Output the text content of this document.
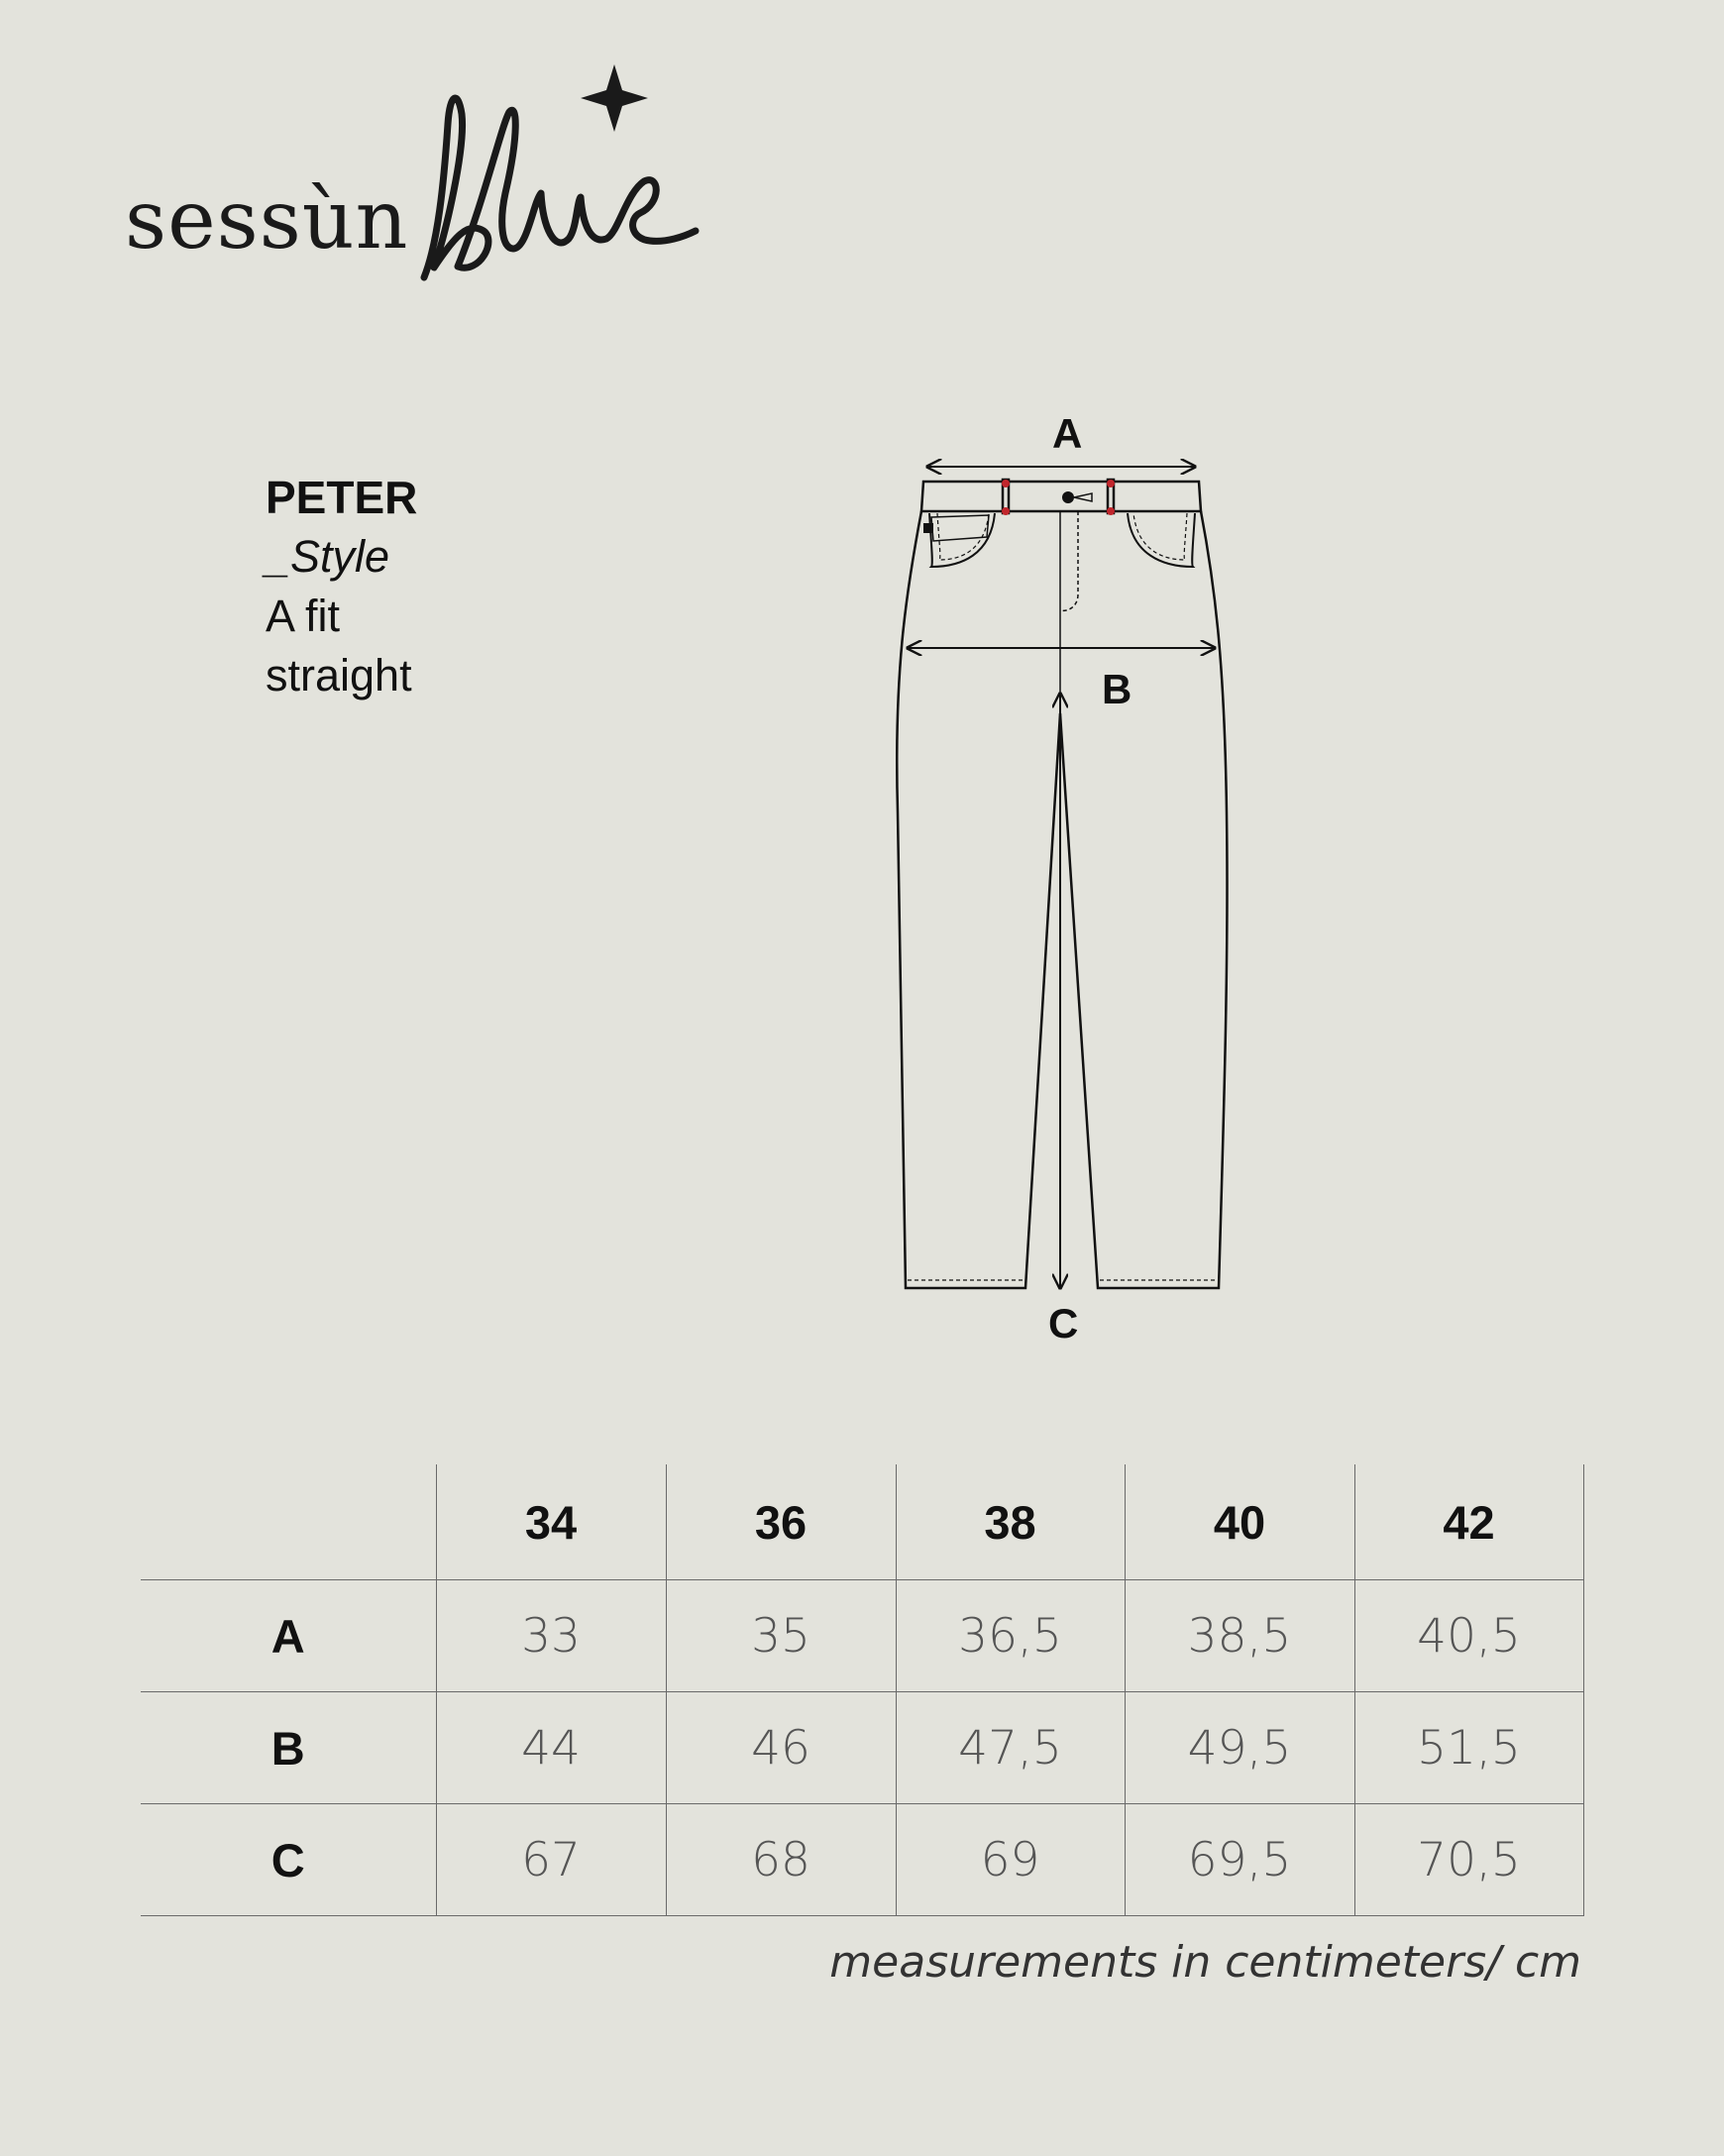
sessùn
PETER
_Style
A fit
straight
A
B
C
	34	36	38	40	42
A	33	35	36,5	38,5	40,5
B	44	46	47,5	49,5	51,5
C	67	68	69	69,5	70,5
measurements in centimeters/ cm
